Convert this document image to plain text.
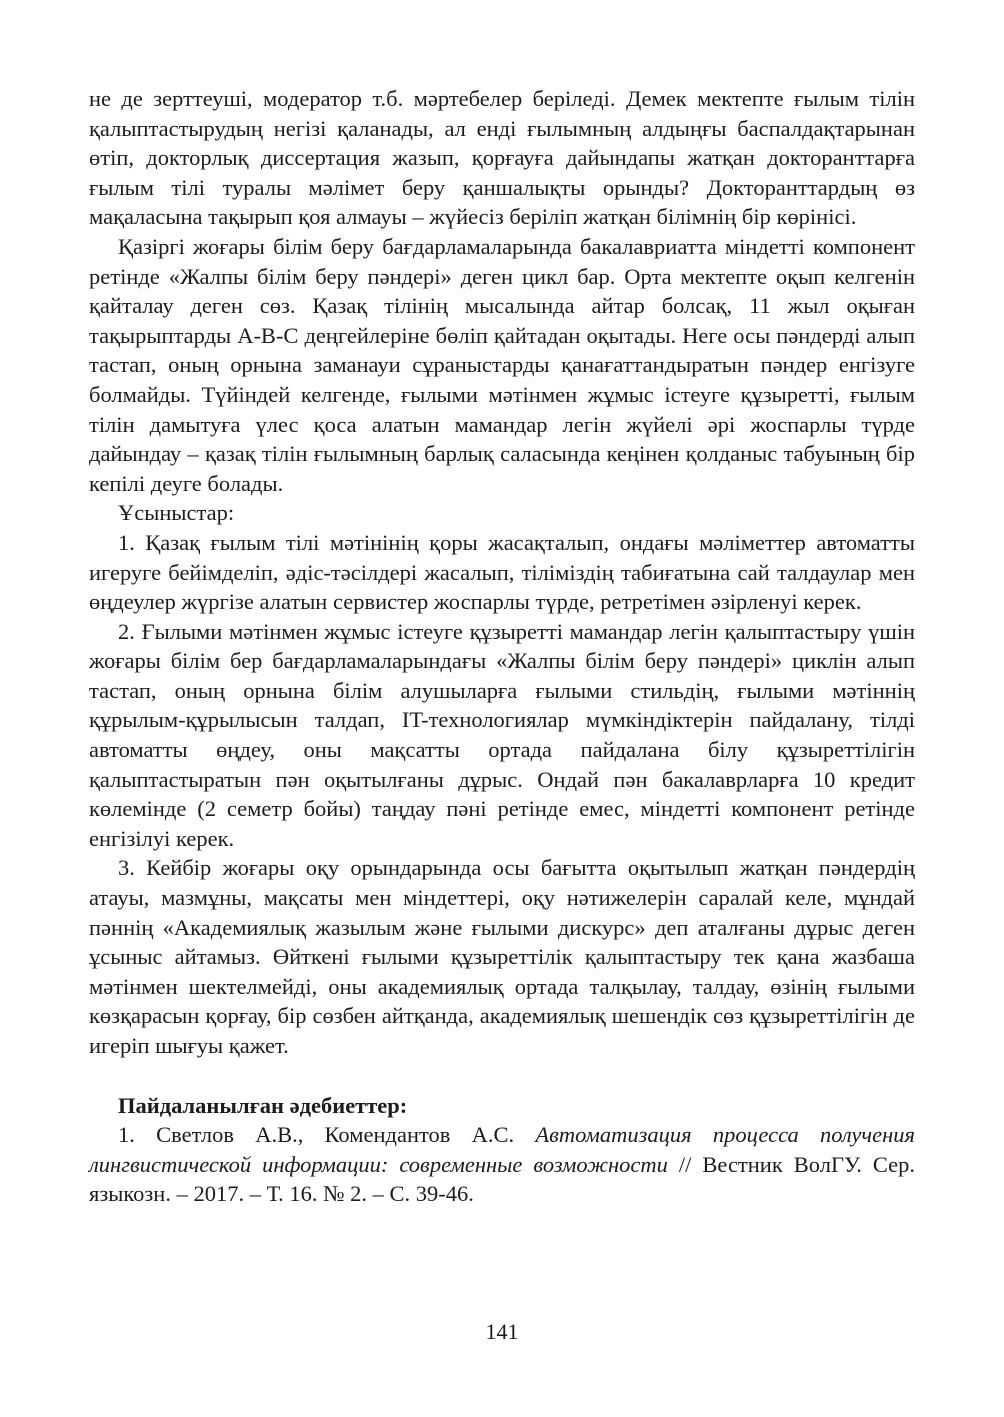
не де зерттеуші, модератор т.б. мәртебелер беріледі. Демек мектепте ғылым тілін қалыптастырудың негізі қаланады, ал енді ғылымның алдыңғы баспалдақтарынан өтіп, докторлық диссертация жазып, қорғауға дайындапы жатқан докторанттарға ғылым тілі туралы мәлімет беру қаншалықты орынды? Докторанттардың өз мақаласына тақырып қоя алмауы – жүйесіз беріліп жатқан білімнің бір көрінісі.

Қазіргі жоғары білім беру бағдарламаларында бакалавриатта міндетті компонент ретінде «Жалпы білім беру пәндері» деген цикл бар. Орта мектепте оқып келгенін қайталау деген сөз. Қазақ тілінің мысалында айтар болсақ, 11 жыл оқыған тақырыптарды А-В-С деңгейлеріне бөліп қайтадан оқытады. Неге осы пәндерді алып тастап, оның орнына заманауи сұраныстарды қанағаттандыратын пәндер енгізуге болмайды. Түйіндей келгенде, ғылыми мәтінмен жұмыс істеуге құзыретті, ғылым тілін дамытуға үлес қоса алатын мамандар легін жүйелі әрі жоспарлы түрде дайындау – қазақ тілін ғылымның барлық саласында кеңінен қолданыс табуының бір кепілі деуге болады.

Ұсыныстар:

1. Қазақ ғылым тілі мәтінінің қоры жасақталып, ондағы мәліметтер автоматты игеруге бейімделіп, әдіс-тәсілдері жасалып, тіліміздің табиғатына сай талдаулар мен өңдеулер жүргізе алатын сервистер жоспарлы түрде, ретретімен әзірленуі керек.

2. Ғылыми мәтінмен жұмыс істеуге құзыретті мамандар легін қалыптастыру үшін жоғары білім бер бағдарламаларындағы «Жалпы білім беру пәндері» циклін алып тастап, оның орнына білім алушыларға ғылыми стильдің, ғылыми мәтіннің құрылым-құрылысын талдап, IT-технологиялар мүмкіндіктерін пайдалану, тілді автоматты өңдеу, оны мақсатты ортада пайдалана білу құзыреттілігін қалыптастыратын пән оқытылғаны дұрыс. Ондай пән бакалаврларға 10 кредит көлемінде (2 семетр бойы) таңдау пәні ретінде емес, міндетті компонент ретінде енгізілуі керек.

3. Кейбір жоғары оқу орындарында осы бағытта оқытылып жатқан пәндердің атауы, мазмұны, мақсаты мен міндеттері, оқу нәтижелерін саралай келе, мұндай пәннің «Академиялық жазылым және ғылыми дискурс» деп аталғаны дұрыс деген ұсыныс айтамыз. Өйткені ғылыми құзыреттілік қалыптастыру тек қана жазбаша мәтінмен шектелмейді, оны академиялық ортада талқылау, талдау, өзінің ғылыми көзқарасын қорғау, бір сөзбен айтқанда, академиялық шешендік сөз құзыреттілігін де игеріп шығуы қажет.

Пайдаланылған әдебиеттер:

1. Светлов А.В., Комендантов А.С. Автоматизация процесса получения лингвистической информации: современные возможности // Вестник ВолГУ. Сер. языкозн. – 2017. – Т. 16. № 2. – С. 39-46.

141
